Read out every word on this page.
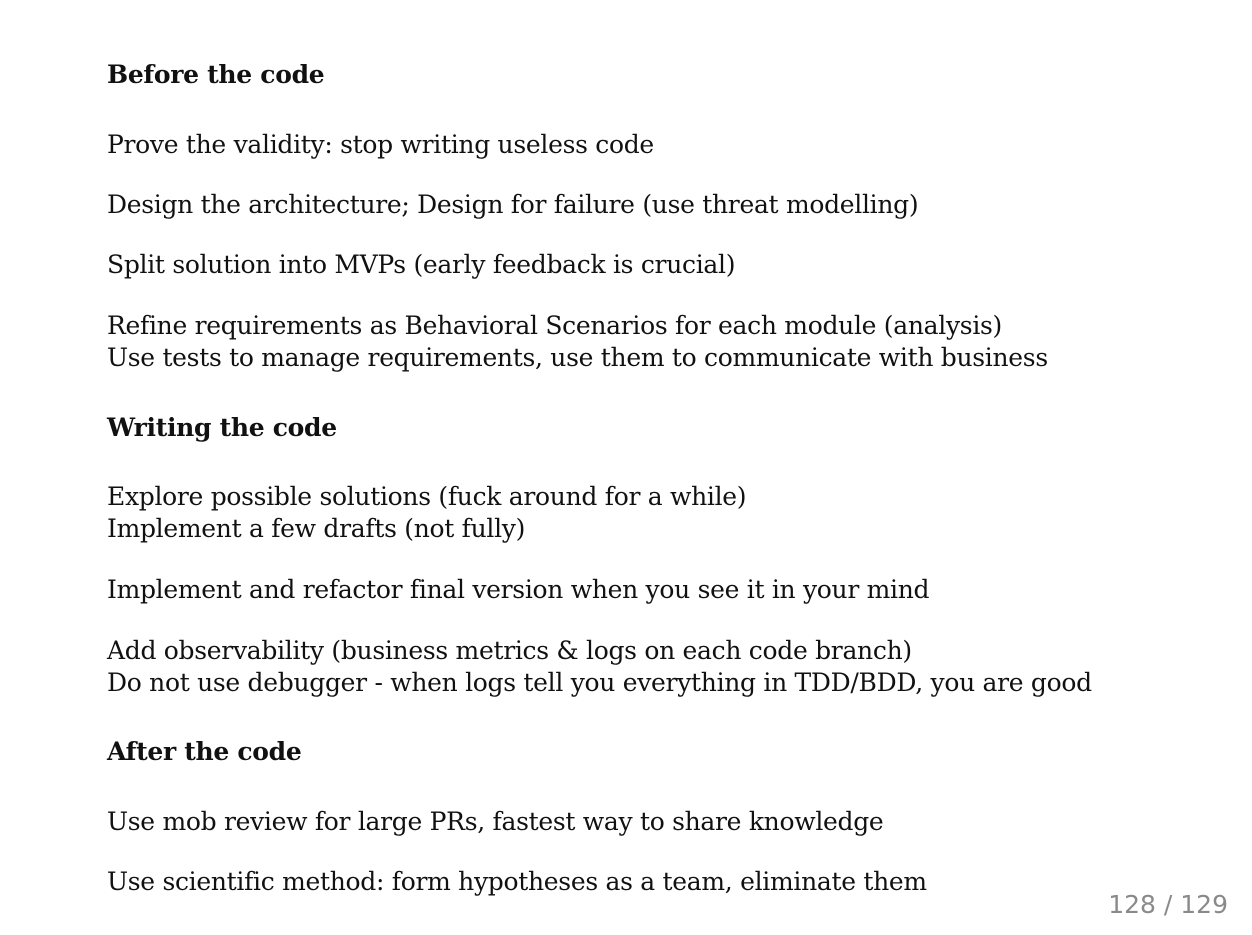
Before the code

Prove the validity: stop writing useless code

Design the architecture; Design for failure (use threat modelling)

Split solution into MVPs (early feedback is crucial)

Refine requirements as Behavioral Scenarios for each module (analysis)
Use tests to manage requirements, use them to communicate with business

Writing the code

Explore possible solutions (fuck around for a while)
Implement a few drafts (not fully)

Implement and refactor final version when you see it in your mind

Add observability (business metrics & logs on each code branch)
Do not use debugger - when logs tell you everything in TDD/BDD, you are good

After the code

Use mob review for large PRs, fastest way to share knowledge

Use scientific method: form hypotheses as a team, eliminate them

128 / 129
